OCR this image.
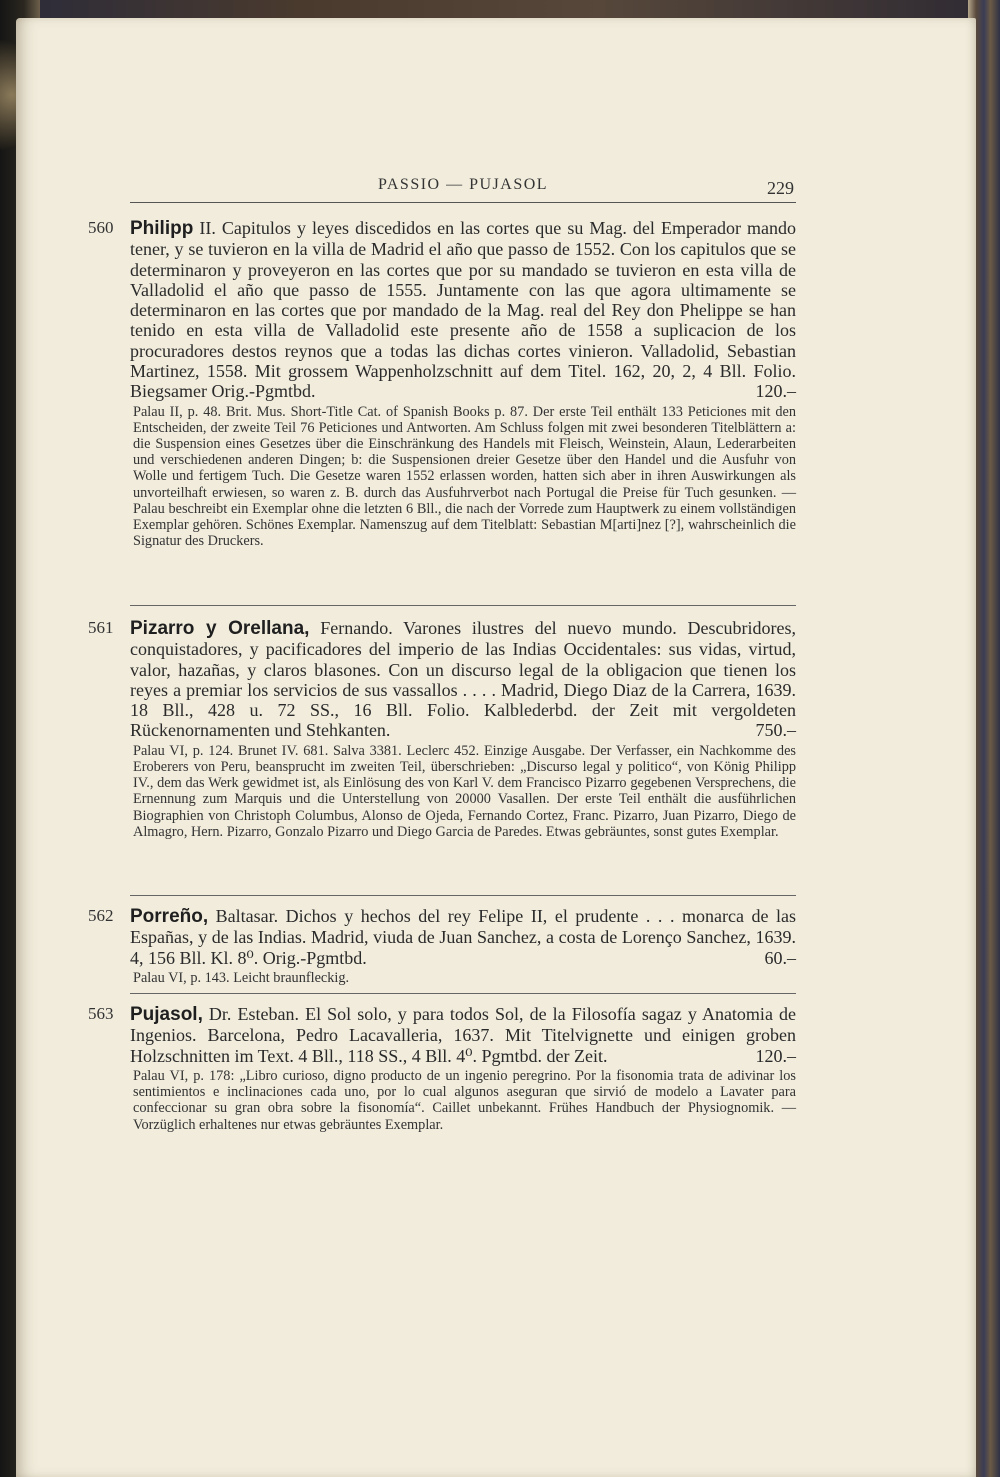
PASSIO — PUJASOL	229
560 Philipp II. Capitulos y leyes discedidos en las cortes que su Mag. del Emperador mando tener, y se tuvieron en la villa de Madrid el año que passo de 1552. Con los capitulos que se determinaron y proveyeron en las cortes que por su mandado se tuvieron en esta villa de Valladolid el año que passo de 1555. Juntamente con las que agora ultimamente se determinaron en las cortes que por mandado de la Mag. real del Rey don Phelippe se han tenido en esta villa de Valladolid este presente año de 1558 a suplicacion de los procuradores destos reynos que a todas las dichas cortes vinieron. Valladolid, Sebastian Martinez, 1558. Mit grossem Wappenholzschnitt auf dem Titel. 162, 20, 2, 4 Bll. Folio. Biegsamer Orig.-Pgmtbd.	120.–
Palau II, p. 48. Brit. Mus. Short-Title Cat. of Spanish Books p. 87. Der erste Teil enthält 133 Peticiones mit den Entscheiden, der zweite Teil 76 Peticiones und Antworten. Am Schluss folgen mit zwei besonderen Titelblättern a: die Suspension eines Gesetzes über die Einschränkung des Handels mit Fleisch, Weinstein, Alaun, Lederarbeiten und verschiedenen anderen Dingen; b: die Suspensionen dreier Gesetze über den Handel und die Ausfuhr von Wolle und fertigem Tuch. Die Gesetze waren 1552 erlassen worden, hatten sich aber in ihren Auswirkungen als unvorteilhaft erwiesen, so waren z. B. durch das Ausfuhrverbot nach Portugal die Preise für Tuch gesunken. — Palau beschreibt ein Exemplar ohne die letzten 6 Bll., die nach der Vorrede zum Hauptwerk zu einem vollständigen Exemplar gehören. Schönes Exemplar. Namenszug auf dem Titelblatt: Sebastian M[arti]nez [?], wahrscheinlich die Signatur des Druckers.
561 Pizarro y Orellana, Fernando. Varones ilustres del nuevo mundo. Descubridores, conquistadores, y pacificadores del imperio de las Indias Occidentales: sus vidas, virtud, valor, hazañas, y claros blasones. Con un discurso legal de la obligacion que tienen los reyes a premiar los servicios de sus vassallos . . . . Madrid, Diego Diaz de la Carrera, 1639. 18 Bll., 428 u. 72 SS., 16 Bll. Folio. Kalblederbd. der Zeit mit vergoldeten Rückenornamenten und Stehkanten.	750.–
Palau VI, p. 124. Brunet IV. 681. Salva 3381. Leclerc 452. Einzige Ausgabe. Der Verfasser, ein Nachkomme des Eroberers von Peru, beansprucht im zweiten Teil, überschrieben: „Discurso legal y politico“, von König Philipp IV., dem das Werk gewidmet ist, als Einlösung des von Karl V. dem Francisco Pizarro gegebenen Versprechens, die Ernennung zum Marquis und die Unterstellung von 20000 Vasallen. Der erste Teil enthält die ausführlichen Biographien von Christoph Columbus, Alonso de Ojeda, Fernando Cortez, Franc. Pizarro, Juan Pizarro, Diego de Almagro, Hern. Pizarro, Gonzalo Pizarro und Diego Garcia de Paredes. Etwas gebräuntes, sonst gutes Exemplar.
562 Porreño, Baltasar. Dichos y hechos del rey Felipe II, el prudente . . . monarca de las Españas, y de las Indias. Madrid, viuda de Juan Sanchez, a costa de Lorenço Sanchez, 1639. 4, 156 Bll. Kl. 8⁰. Orig.-Pgmtbd.	60.–
Palau VI, p. 143. Leicht braunfleckig.
563 Pujasol, Dr. Esteban. El Sol solo, y para todos Sol, de la Filosofía sagaz y Anatomia de Ingenios. Barcelona, Pedro Lacavalleria, 1637. Mit Titelvignette und einigen groben Holzschnitten im Text. 4 Bll., 118 SS., 4 Bll. 4⁰. Pgmtbd. der Zeit.	120.–
Palau VI, p. 178: „Libro curioso, digno producto de un ingenio peregrino. Por la fisonomia trata de adivinar los sentimientos e inclinaciones cada uno, por lo cual algunos aseguran que sirvió de modelo a Lavater para confeccionar su gran obra sobre la fisonomía“. Caillet unbekannt. Frühes Handbuch der Physiognomik. — Vorzüglich erhaltenes nur etwas gebräuntes Exemplar.
